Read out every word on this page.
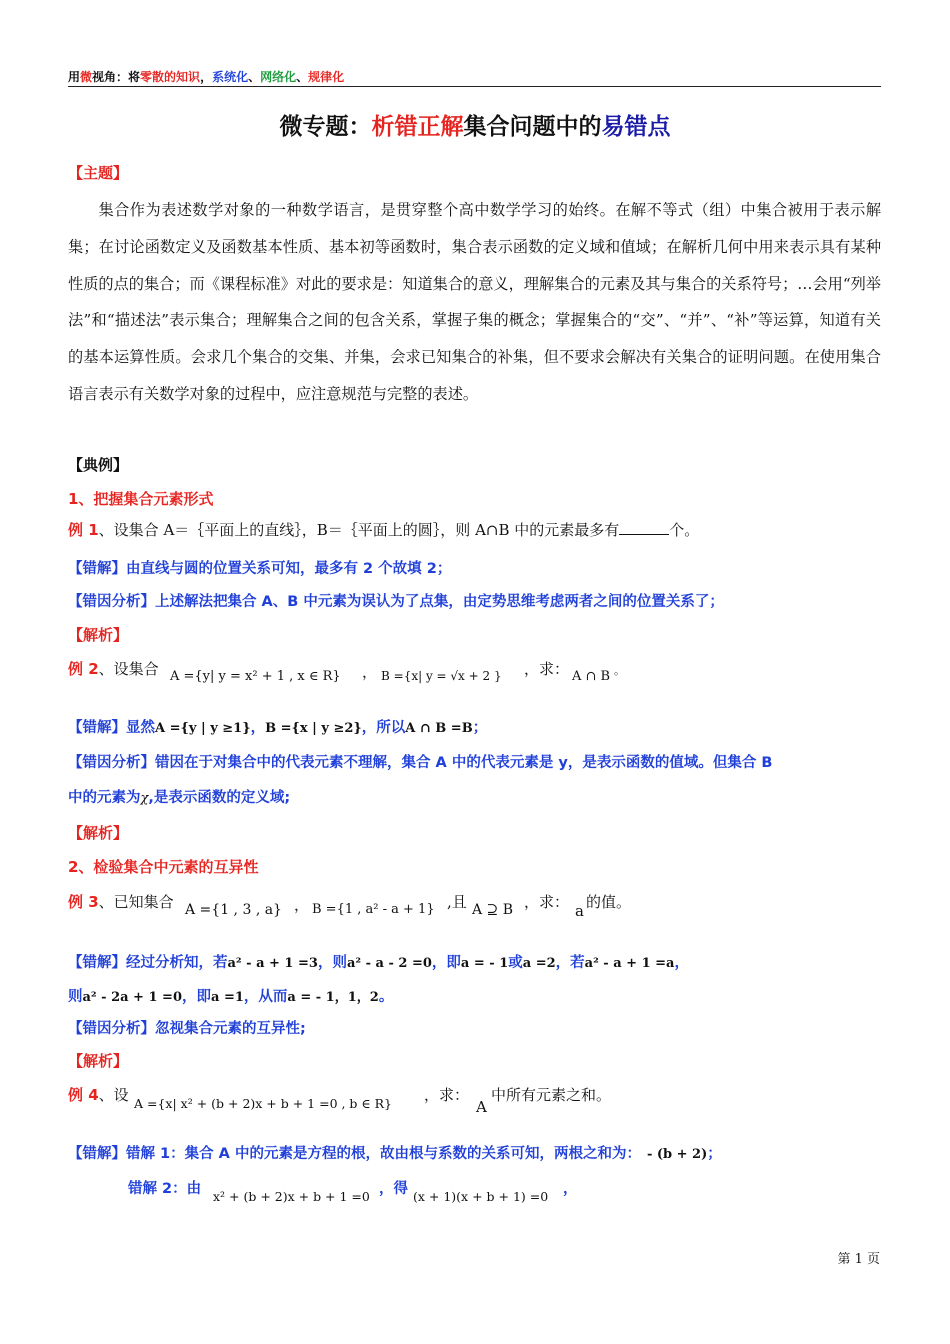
用微视角：将零散的知识，系统化、网络化、规律化
微专题：析错正解集合问题中的易错点
【主题】
集合作为表述数学对象的一种数学语言，是贯穿整个高中数学学习的始终。在解不等式（组）中集合被用于表示解集；在讨论函数定义及函数基本性质、基本初等函数时，集合表示函数的定义域和值域；在解析几何中用来表示具有某种性质的点的集合；而《课程标准》对此的要求是：知道集合的意义，理解集合的元素及其与集合的关系符号；…会用“列举法”和“描述法”表示集合；理解集合之间的包含关系，掌握子集的概念；掌握集合的“交”、“并”、“补”等运算，知道有关的基本运算性质。会求几个集合的交集、并集，会求已知集合的补集，但不要求会解决有关集合的证明问题。在使用集合语言表示有关数学对象的过程中，应注意规范与完整的表述。
【典例】
1、把握集合元素形式
例 1、设集合 A＝｛平面上的直线｝，B＝｛平面上的圆｝，则 A∩B 中的元素最多有	个。
【错解】由直线与圆的位置关系可知，最多有 2 个故填 2；
【错因分析】上述解法把集合 A、B 中元素为误认为了点集，由定势思维考虑两者之间的位置关系了；
【解析】
例 2、设集合 A ={y| y = x² + 1 , x ∈ R} ， B ={x| y = √x + 2 } ，求： A ∩ B 。
【错解】显然A ={y | y ≥1}，B ={x | y ≥2}，所以A ∩ B =B；
【错因分析】错因在于对集合中的代表元素不理解，集合 A 中的代表元素是 y，是表示函数的值域。但集合 B
中的元素为χ,是表示函数的定义域;
【解析】
2、检验集合中元素的互异性
例 3、已知集合 A ={1 , 3 , a} ， B ={1 , a² - a + 1} ,且 A ⊇ B ，求： a 的值。
【错解】经过分析知，若a² - a + 1 =3，则a² - a - 2 =0，即a = - 1或a =2，若a² - a + 1 =a，
则a² - 2a + 1 =0，即a =1，从而a = - 1，1，2。
【错因分析】忽视集合元素的互异性;
【解析】
例 4、设 A ={x| x² + (b + 2)x + b + 1 =0 , b ∈ R} ，求：
A
中所有元素之和。
【错解】错解 1：集合 A 中的元素是方程的根，故由根与系数的关系可知，两根之和为： - (b + 2)；
错解 2：由 x² + (b + 2)x + b + 1 =0 ，得 (x + 1)(x + b + 1) =0 ，
第 1 页
